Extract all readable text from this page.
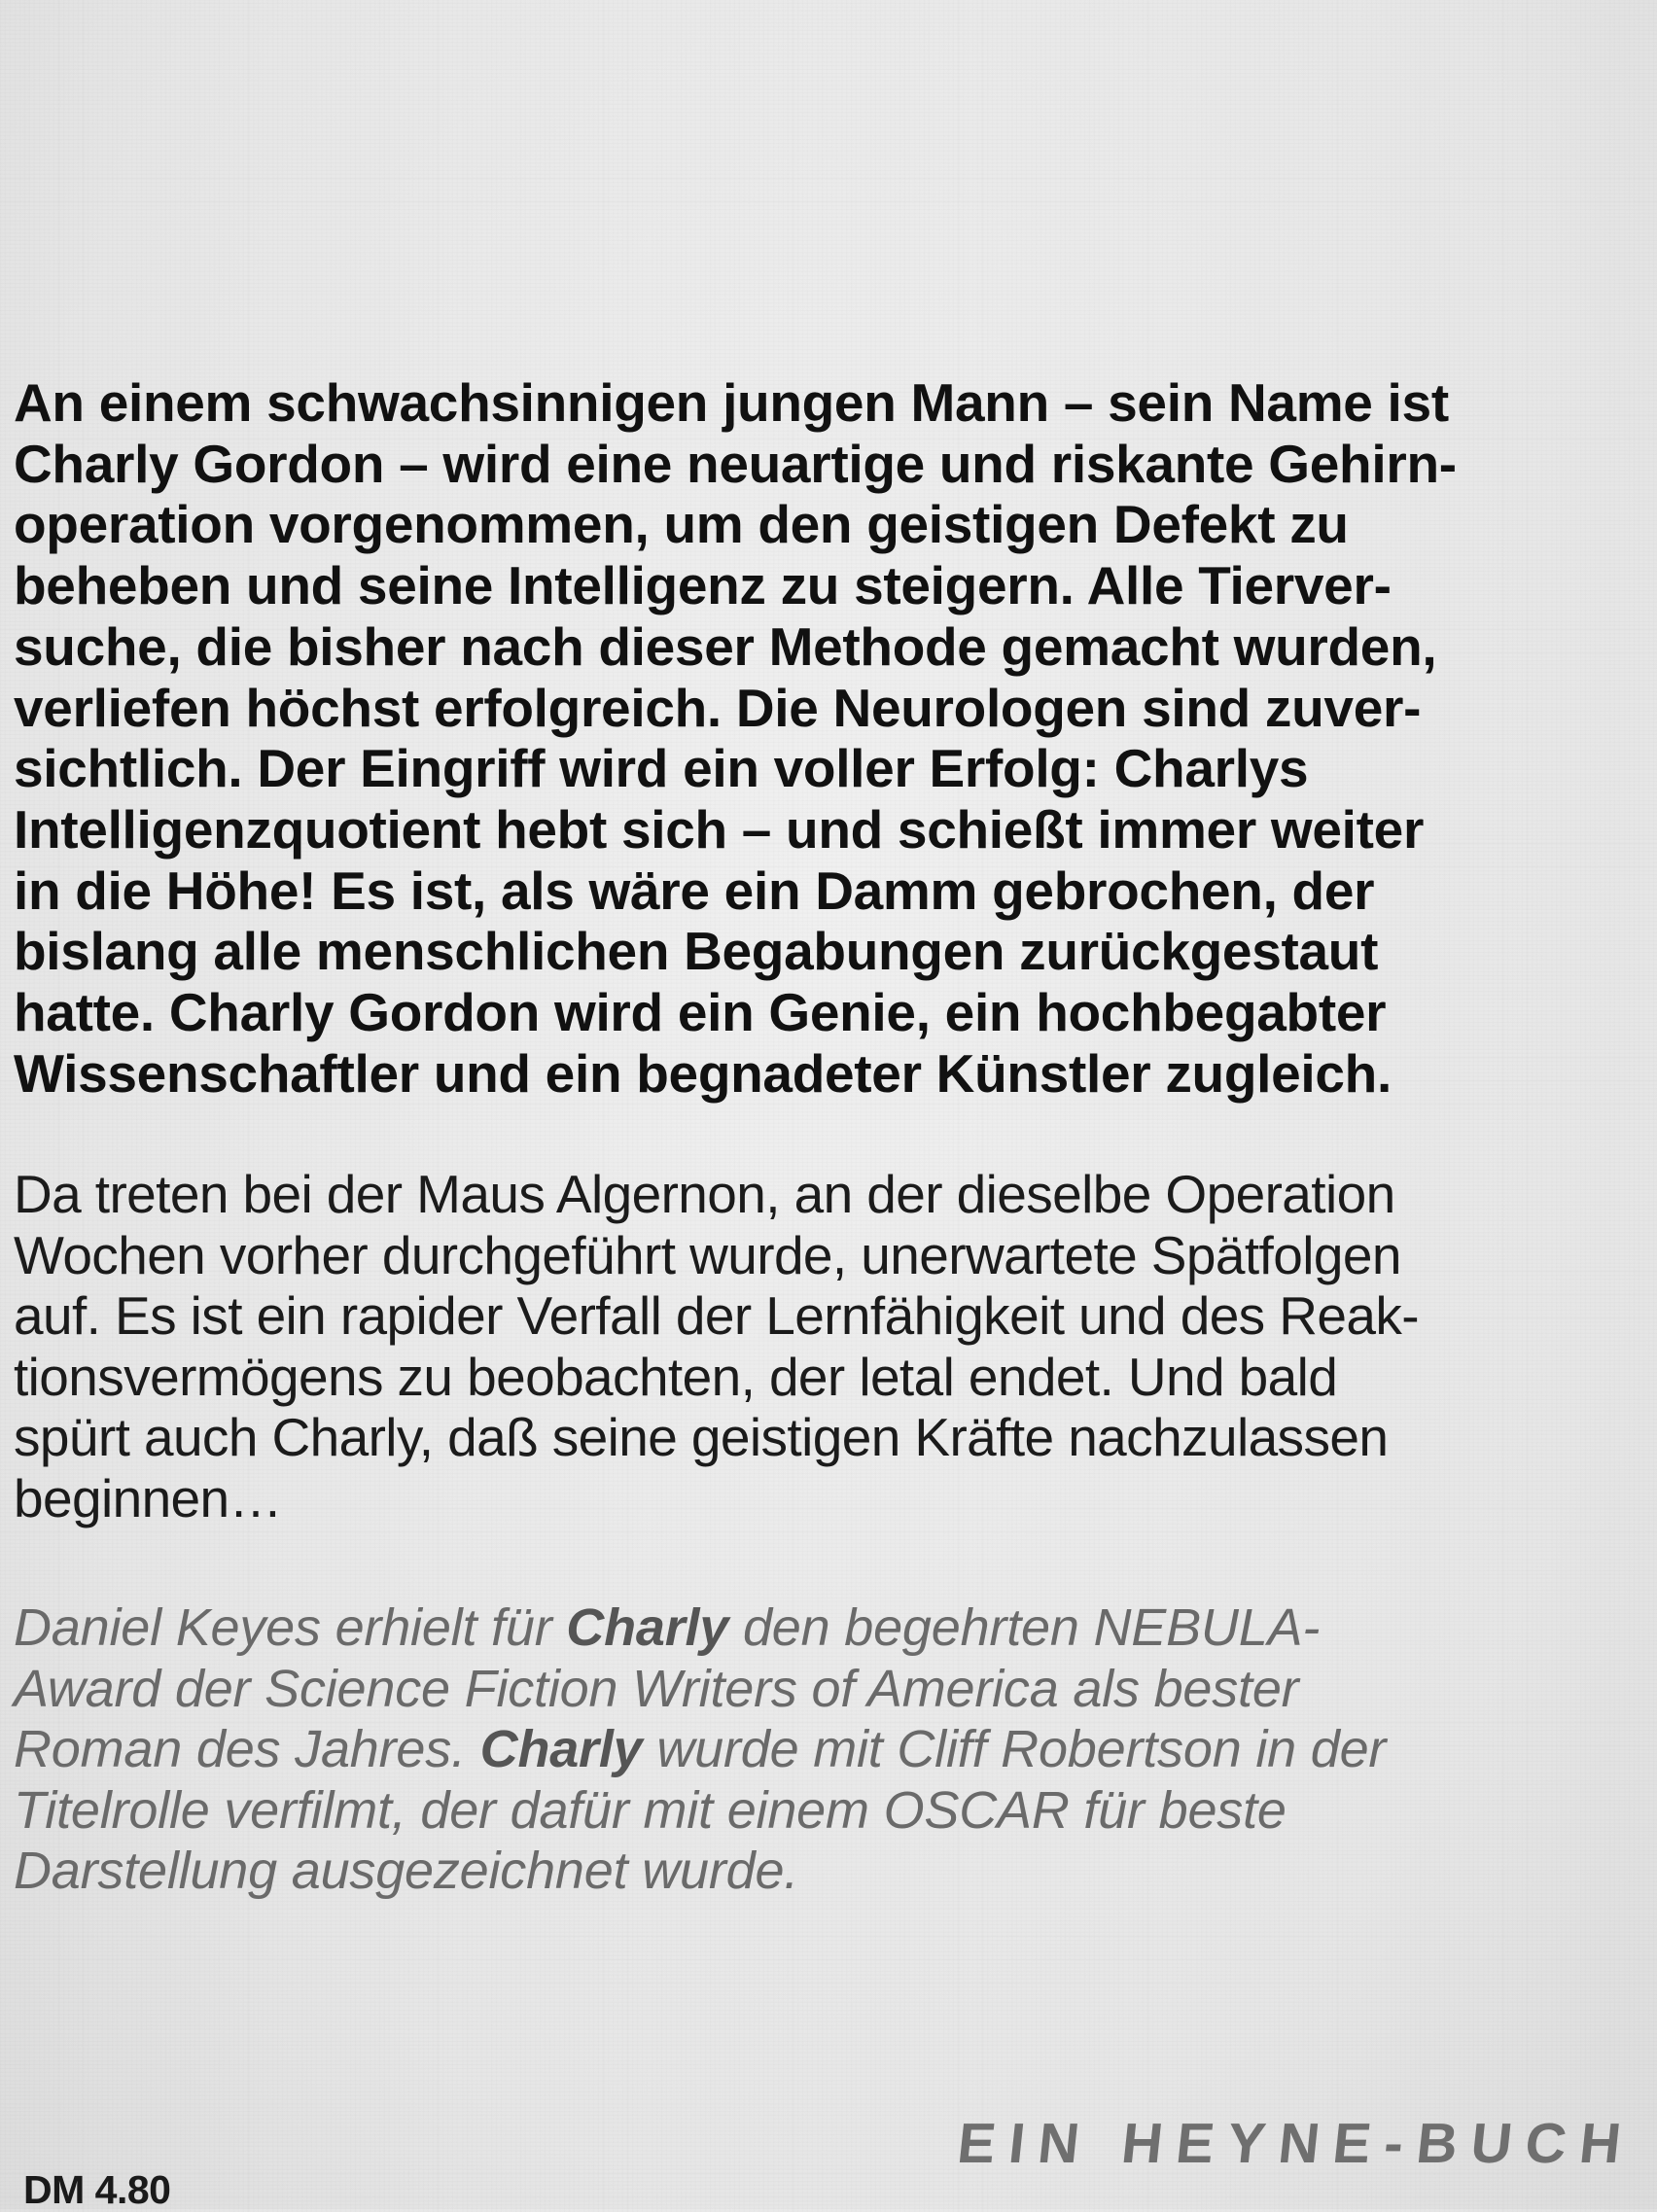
An einem schwachsinnigen jungen Mann – sein Name ist
Charly Gordon – wird eine neuartige und riskante Gehirn-
operation vorgenommen, um den geistigen Defekt zu
beheben und seine Intelligenz zu steigern. Alle Tierver-
suche, die bisher nach dieser Methode gemacht wurden,
verliefen höchst erfolgreich. Die Neurologen sind zuver-
sichtlich. Der Eingriff wird ein voller Erfolg: Charlys
Intelligenzquotient hebt sich – und schießt immer weiter
in die Höhe! Es ist, als wäre ein Damm gebrochen, der
bislang alle menschlichen Begabungen zurückgestaut
hatte. Charly Gordon wird ein Genie, ein hochbegabter
Wissenschaftler und ein begnadeter Künstler zugleich.

Da treten bei der Maus Algernon, an der dieselbe Operation
Wochen vorher durchgeführt wurde, unerwartete Spätfolgen
auf. Es ist ein rapider Verfall der Lernfähigkeit und des Reak-
tionsvermögens zu beobachten, der letal endet. Und bald
spürt auch Charly, daß seine geistigen Kräfte nachzulassen
beginnen…

Daniel Keyes erhielt für Charly den begehrten NEBULA-
Award der Science Fiction Writers of America als bester
Roman des Jahres. Charly wurde mit Cliff Robertson in der
Titelrolle verfilmt, der dafür mit einem OSCAR für beste
Darstellung ausgezeichnet wurde.

DM 4.80
EIN HEYNE-BUCH
